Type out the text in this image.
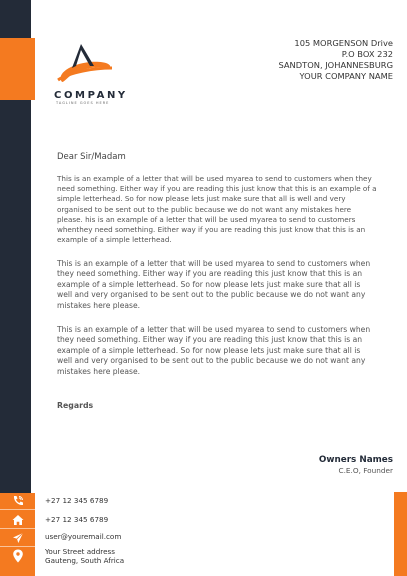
COMPANY
TAGLINE GOES HERE
105 MORGENSON Drive
P.O BOX 232
SANDTON, JOHANNESBURG
YOUR COMPANY NAME
Dear Sir/Madam

This is an example of a letter that will be used myarea to send to customers when they need something. Either way if you are reading this just know that this is an example of a simple letterhead. So for now please lets just make sure that all is well and very organised to be sent out to the public because we do not want any mistakes here please. his is an example of a letter that will be used myarea to send to customers whenthey need something. Either way if you are reading this just know that this is an example of a simple letterhead.

This is an example of a letter that will be used myarea to send to customers when they need something. Either way if you are reading this just know that this is an example of a simple letterhead. So for now please lets just make sure that all is well and very organised to be sent out to the public because we do not want any mistakes here please.

This is an example of a letter that will be used myarea to send to customers when they need something. Either way if you are reading this just know that this is an example of a simple letterhead. So for now please lets just make sure that all is well and very organised to be sent out to the public because we do not want any mistakes here please.

Regards
Owners Names
C.E.O, Founder
+27 12 345 6789
+27 12 345 6789
user@youremail.com
Your Street address
Gauteng, South Africa
